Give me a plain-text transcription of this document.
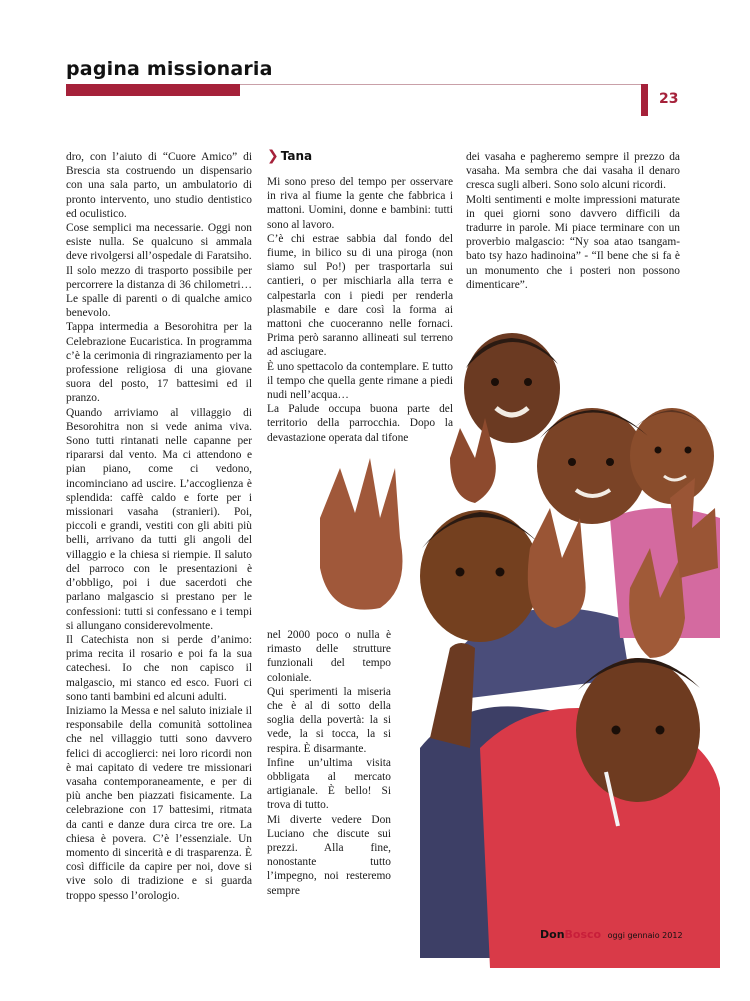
pagina missionaria
23

dro, con l’aiuto di “Cuore Amico” di Brescia sta costruendo un dispensario con una sala parto, un ambulatorio di pronto intervento, uno studio dentistico ed oculistico.

Cose semplici ma necessarie. Oggi non esiste nulla. Se qualcuno si ammala deve rivolgersi all’ospedale di Faratsiho.

Il solo mezzo di trasporto possibile per percorrere la distanza di 36 chilometri… Le spalle di parenti o di qualche amico benevolo.

Tappa intermedia a Besorohitra per la Celebrazione Eucaristica. In programma c’è la cerimonia di ringraziamento per la professione religiosa di una giovane suora del posto, 17 battesimi ed il pranzo.

Quando arriviamo al villaggio di Besorohitra non si vede anima viva. Sono tutti rintanati nelle capanne per ripararsi dal vento. Ma ci attendono e pian piano, come ci vedono, incominciano ad uscire. L’accoglienza è splendida: caffè caldo e forte per i missionari vasaha (stranieri). Poi, piccoli e grandi, vestiti con gli abiti più belli, arrivano da tutti gli angoli del villaggio e la chiesa si riempie. Il saluto del parroco con le presentazioni è d’obbligo, poi i due sacerdoti che parlano malgascio si prestano per le confessioni: tutti si confessano e i tempi si allungano considerevolmente.

Il Catechista non si perde d’animo: prima recita il rosario e poi fa la sua catechesi. Io che non capisco il malgascio, mi stanco ed esco. Fuori ci sono tanti bambini ed alcuni adulti.

Iniziamo la Messa e nel saluto iniziale il responsabile della comunità sottolinea che nel villaggio tutti sono davvero felici di accoglierci: nei loro ricordi non è mai capitato di vedere tre missionari vasaha contemporaneamente, e per di più anche ben piazzati fisicamente. La celebrazione con 17 battesimi, ritmata da canti e danze dura circa tre ore. La chiesa è povera. C’è l’essenziale. Un momento di sincerità e di trasparenza. È così difficile da capire per noi, dove si vive solo di tradizione e si guarda troppo spesso l’orologio.

❯ Tana

Mi sono preso del tempo per osservare in riva al fiume la gente che fabbrica i mattoni. Uomini, donne e bambini: tutti sono al lavoro.

C’è chi estrae sabbia dal fondo del fiume, in bilico su di una piroga (non siamo sul Po!) per trasportarla sui cantieri, o per mischiarla alla terra e calpestarla con i piedi per renderla plasmabile e dare così la forma ai mattoni che cuoceranno nelle fornaci. Prima però saranno allineati sul terreno ad asciugare.

È uno spettacolo da contemplare. E tutto il tempo che quella gente rimane a piedi nudi nell’acqua…

La Palude occupa buona parte del territorio della parrocchia. Dopo la devastazione operata dal tifone

nel 2000 poco o nulla è rimasto delle strutture funzionali del tempo coloniale.

Qui sperimenti la miseria che è al di sotto della soglia della povertà: la si vede, la si tocca, la si respira. È disarmante.

Infine un’ultima visita obbligata al mercato artigianale. È bello! Si trova di tutto.

Mi diverte vedere Don Luciano che discute sui prezzi. Alla fine, nonostante tutto l’impegno, noi resteremo sempre

dei vasaha e pagheremo sempre il prezzo da vasaha. Ma sembra che dai vasaha il denaro cresca sugli alberi. Sono solo alcuni ricordi.

Molti sentimenti e molte impressioni maturate in quei giorni sono davvero difficili da tradurre in parole. Mi piace terminare con un proverbio malgascio: “Ny soa atao tsangam-bato tsy hazo hadinoina” - “Il bene che si fa è un monumento che i posteri non possono dimenticare”.

DonBosco oggi gennaio 2012
